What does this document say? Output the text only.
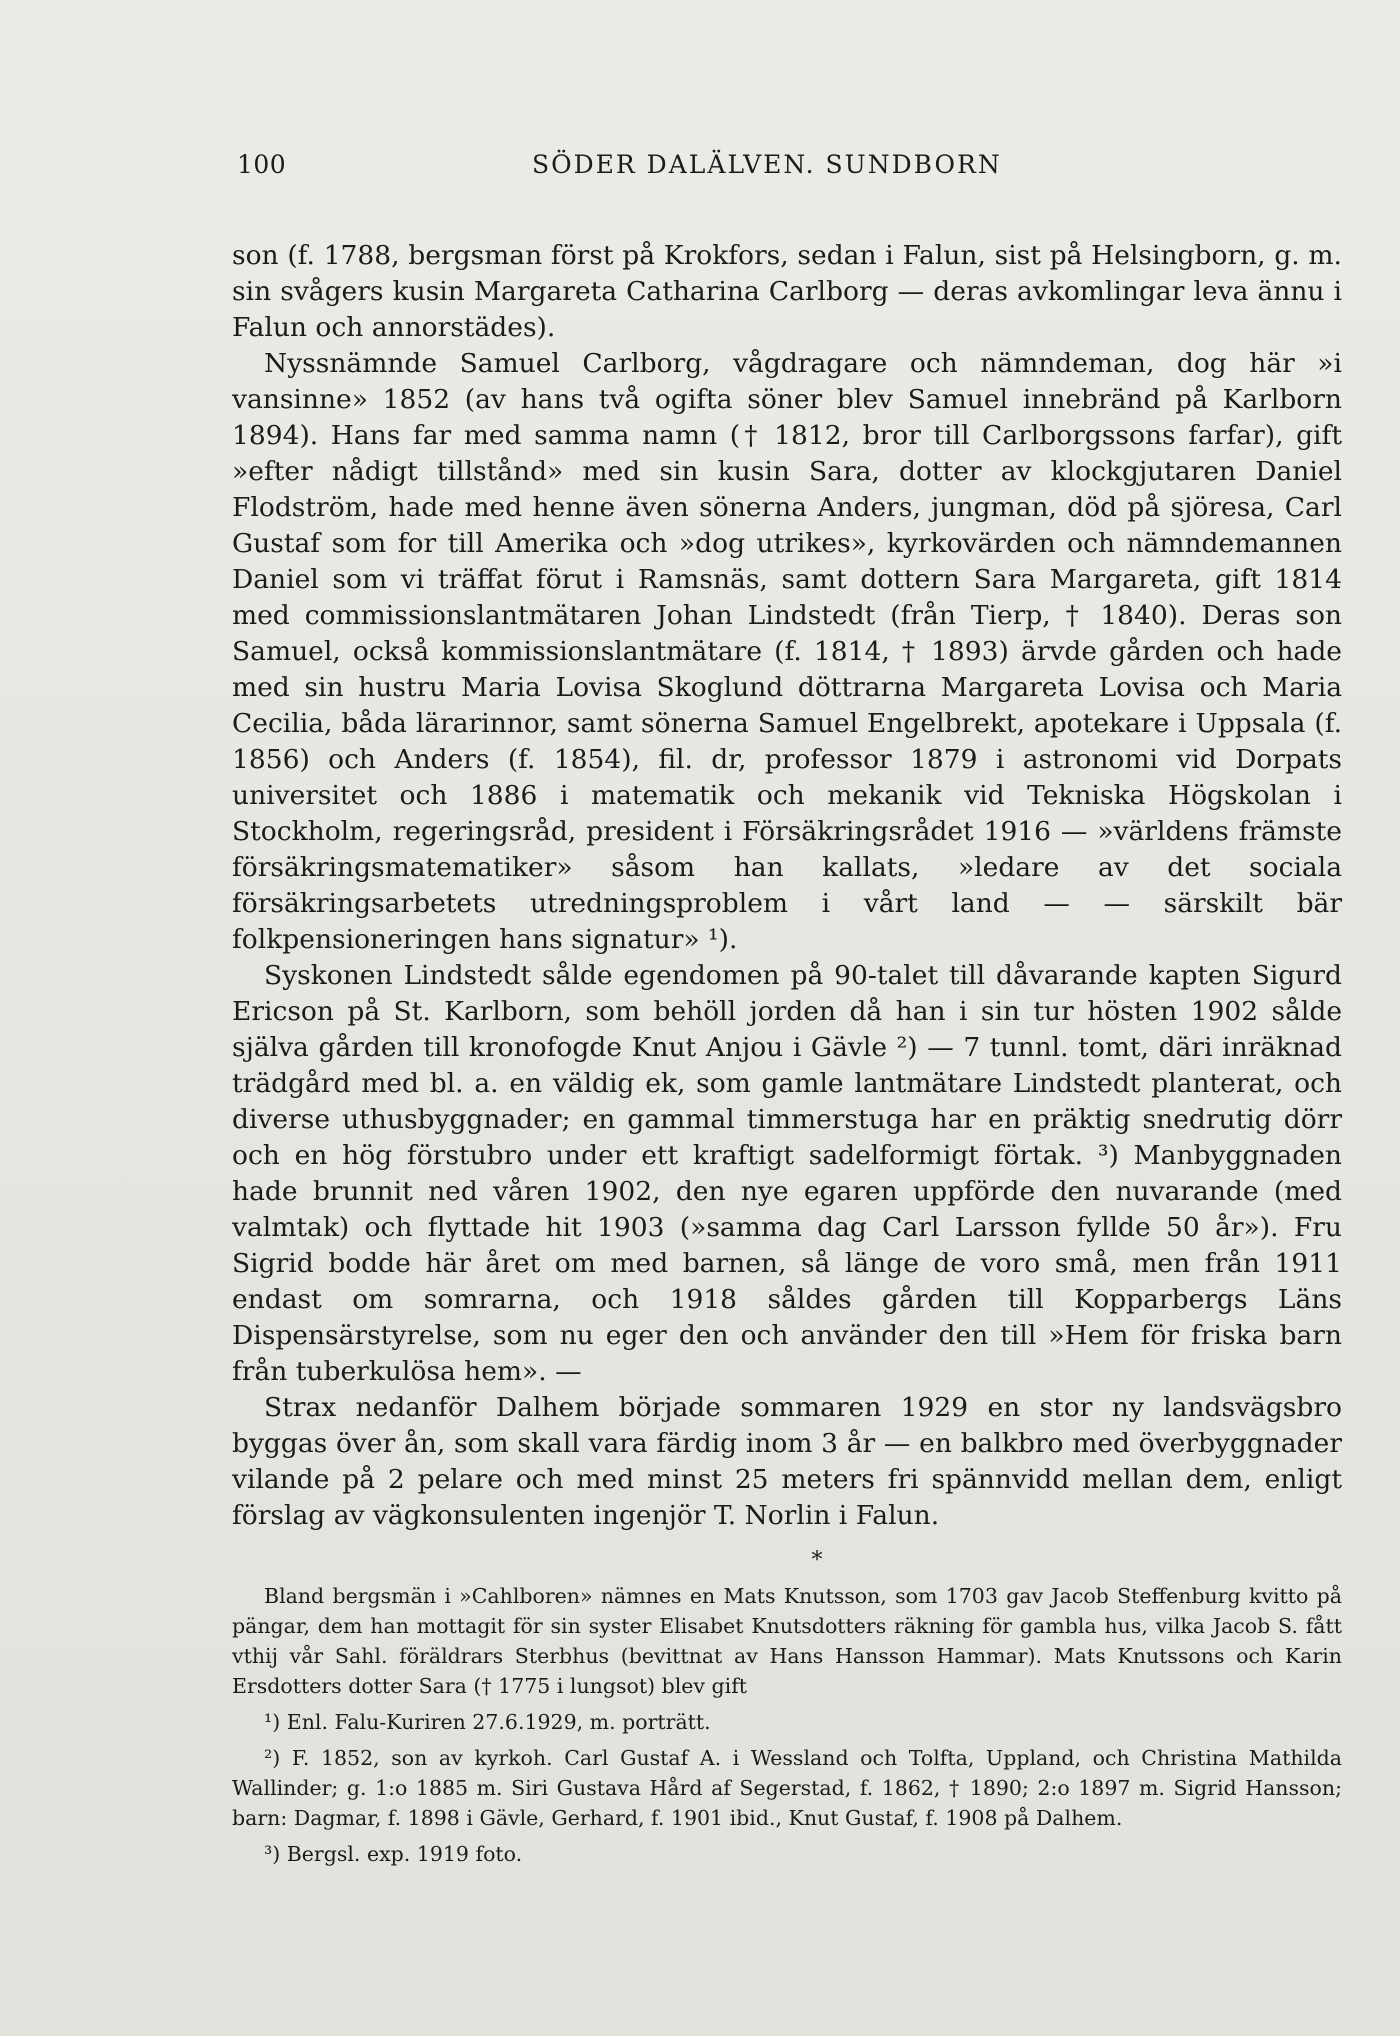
100	SÖDER DALÄLVEN. SUNDBORN

son (f. 1788, bergsman först på Krokfors, sedan i Falun, sist på Helsingborn, g. m. sin svågers kusin Margareta Catharina Carlborg — deras avkomlingar leva ännu i Falun och annorstädes).

Nyssnämnde Samuel Carlborg, vågdragare och nämndeman, dog här »i vansinne» 1852 (av hans två ogifta söner blev Samuel innebränd på Karlborn 1894). Hans far med samma namn († 1812, bror till Carlborgssons farfar), gift »efter nådigt tillstånd» med sin kusin Sara, dotter av klockgjutaren Daniel Flodström, hade med henne även sönerna Anders, jungman, död på sjöresa, Carl Gustaf som for till Amerika och »dog utrikes», kyrkovärden och nämndemannen Daniel som vi träffat förut i Ramsnäs, samt dottern Sara Margareta, gift 1814 med commissionslantmätaren Johan Lindstedt (från Tierp, † 1840). Deras son Samuel, också kommissionslantmätare (f. 1814, † 1893) ärvde gården och hade med sin hustru Maria Lovisa Skoglund döttrarna Margareta Lovisa och Maria Cecilia, båda lärarinnor, samt sönerna Samuel Engelbrekt, apotekare i Uppsala (f. 1856) och Anders (f. 1854), fil. dr, professor 1879 i astronomi vid Dorpats universitet och 1886 i matematik och mekanik vid Tekniska Högskolan i Stockholm, regeringsråd, president i Försäkringsrådet 1916 — »världens främste försäkringsmatematiker» såsom han kallats, »ledare av det sociala försäkringsarbetets utredningsproblem i vårt land — — särskilt bär folkpensioneringen hans signatur» ¹).

Syskonen Lindstedt sålde egendomen på 90-talet till dåvarande kapten Sigurd Ericson på St. Karlborn, som behöll jorden då han i sin tur hösten 1902 sålde själva gården till kronofogde Knut Anjou i Gävle ²) — 7 tunnl. tomt, däri inräknad trädgård med bl. a. en väldig ek, som gamle lantmätare Lindstedt planterat, och diverse uthusbyggnader; en gammal timmerstuga har en präktig snedrutig dörr och en hög förstubro under ett kraftigt sadelformigt förtak. ³) Manbyggnaden hade brunnit ned våren 1902, den nye egaren uppförde den nuvarande (med valmtak) och flyttade hit 1903 (»samma dag Carl Larsson fyllde 50 år»). Fru Sigrid bodde här året om med barnen, så länge de voro små, men från 1911 endast om somrarna, och 1918 såldes gården till Kopparbergs Läns Dispensärstyrelse, som nu eger den och använder den till »Hem för friska barn från tuberkulösa hem». —

Strax nedanför Dalhem började sommaren 1929 en stor ny landsvägsbro byggas över ån, som skall vara färdig inom 3 år — en balkbro med överbyggnader vilande på 2 pelare och med minst 25 meters fri spännvidd mellan dem, enligt förslag av vägkonsulenten ingenjör T. Norlin i Falun.

*

Bland bergsmän i »Cahlboren» nämnes en Mats Knutsson, som 1703 gav Jacob Steffenburg kvitto på pängar, dem han mottagit för sin syster Elisabet Knutsdotters räkning för gambla hus, vilka Jacob S. fått vthij vår Sahl. föräldrars Sterbhus (bevittnat av Hans Hansson Hammar). Mats Knutssons och Karin Ersdotters dotter Sara († 1775 i lungsot) blev gift

¹) Enl. Falu-Kuriren 27.6.1929, m. porträtt.

²) F. 1852, son av kyrkoh. Carl Gustaf A. i Wessland och Tolfta, Uppland, och Christina Mathilda Wallinder; g. 1:o 1885 m. Siri Gustava Hård af Segerstad, f. 1862, † 1890; 2:o 1897 m. Sigrid Hansson; barn: Dagmar, f. 1898 i Gävle, Gerhard, f. 1901 ibid., Knut Gustaf, f. 1908 på Dalhem.

³) Bergsl. exp. 1919 foto.
